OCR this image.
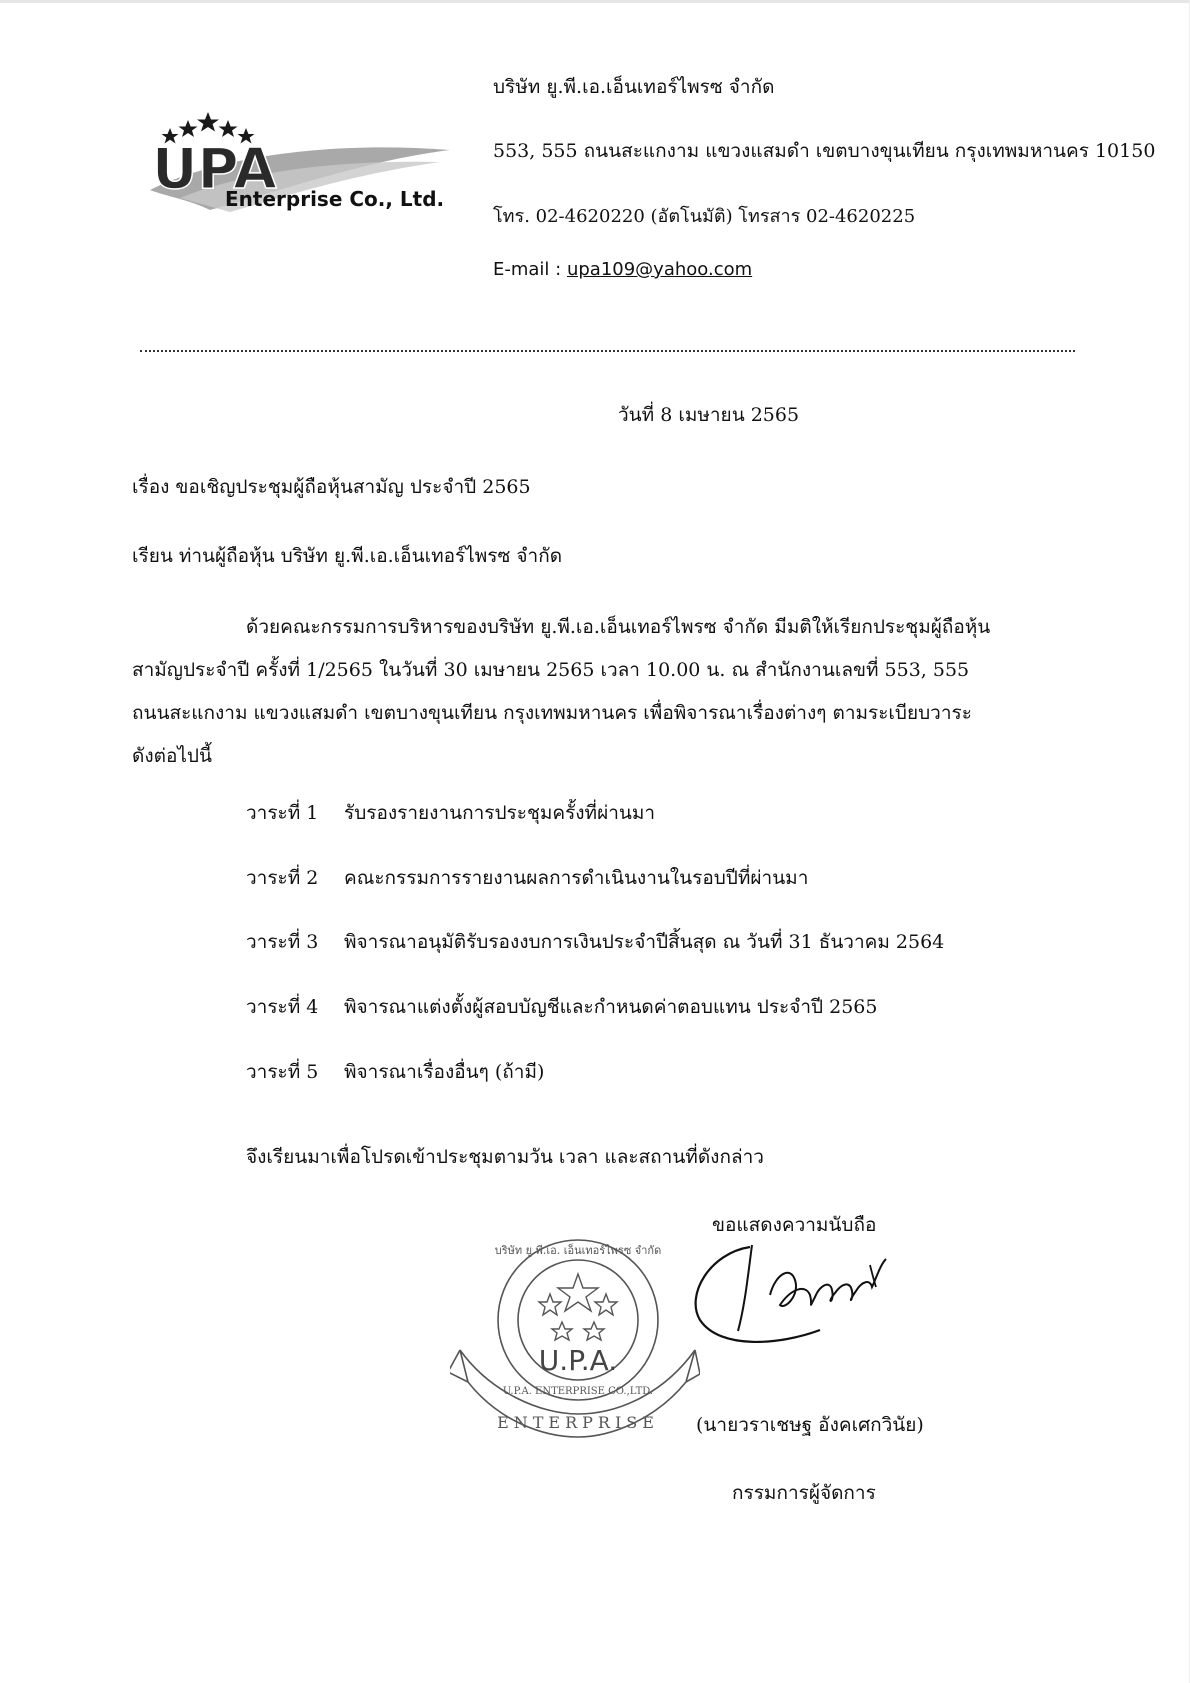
UPA
Enterprise Co., Ltd.
บริษัท ยู.พี.เอ.เอ็นเทอร์ไพรซ จำกัด
553, 555 ถนนสะแกงาม แขวงแสมดำ เขตบางขุนเทียน กรุงเทพมหานคร 10150
โทร. 02-4620220 (อัตโนมัติ) โทรสาร 02-4620225
E-mail : upa109@yahoo.com
วันที่ 8 เมษายน 2565
เรื่อง ขอเชิญประชุมผู้ถือหุ้นสามัญ ประจำปี 2565
เรียน ท่านผู้ถือหุ้น บริษัท ยู.พี.เอ.เอ็นเทอร์ไพรซ จำกัด
ด้วยคณะกรรมการบริหารของบริษัท ยู.พี.เอ.เอ็นเทอร์ไพรซ จำกัด มีมติให้เรียกประชุมผู้ถือหุ้น
สามัญประจำปี ครั้งที่ 1/2565 ในวันที่ 30 เมษายน 2565 เวลา 10.00 น. ณ สำนักงานเลขที่ 553, 555
ถนนสะแกงาม แขวงแสมดำ เขตบางขุนเทียน กรุงเทพมหานคร เพื่อพิจารณาเรื่องต่างๆ ตามระเบียบวาระ
ดังต่อไปนี้
วาระที่ 1 รับรองรายงานการประชุมครั้งที่ผ่านมา
วาระที่ 2 คณะกรรมการรายงานผลการดำเนินงานในรอบปีที่ผ่านมา
วาระที่ 3 พิจารณาอนุมัติรับรองงบการเงินประจำปีสิ้นสุด ณ วันที่ 31 ธันวาคม 2564
วาระที่ 4 พิจารณาแต่งตั้งผู้สอบบัญชีและกำหนดค่าตอบแทน ประจำปี 2565
วาระที่ 5 พิจารณาเรื่องอื่นๆ (ถ้ามี)
จึงเรียนมาเพื่อโปรดเข้าประชุมตามวัน เวลา และสถานที่ดังกล่าว
ขอแสดงความนับถือ
U.P.A.
บริษัท ยู.พี.เอ. เอ็นเทอร์ไพรซ จำกัด
U.P.A. ENTERPRISE CO.,LTD.
ENTERPRISE (นายวราเชษฐ อังคเศกวินัย)
กรรมการผู้จัดการ
